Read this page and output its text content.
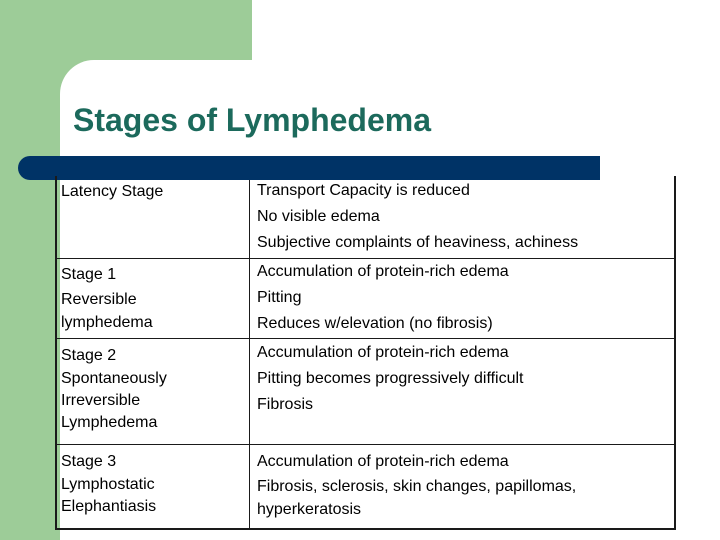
Stages of Lymphedema
Latency Stage	Transport Capacity is reduced
No visible edema
Subjective complaints of heaviness, achiness
Stage 1
Reversible
lymphedema
Accumulation of protein-rich edema
Pitting
Reduces w/elevation (no fibrosis)
Stage 2
Spontaneously
Irreversible
Lymphedema
Accumulation of protein-rich edema
Pitting becomes progressively difficult
Fibrosis
Stage 3
Lymphostatic
Elephantiasis
Accumulation of protein-rich edema
Fibrosis, sclerosis, skin changes, papillomas,
hyperkeratosis
